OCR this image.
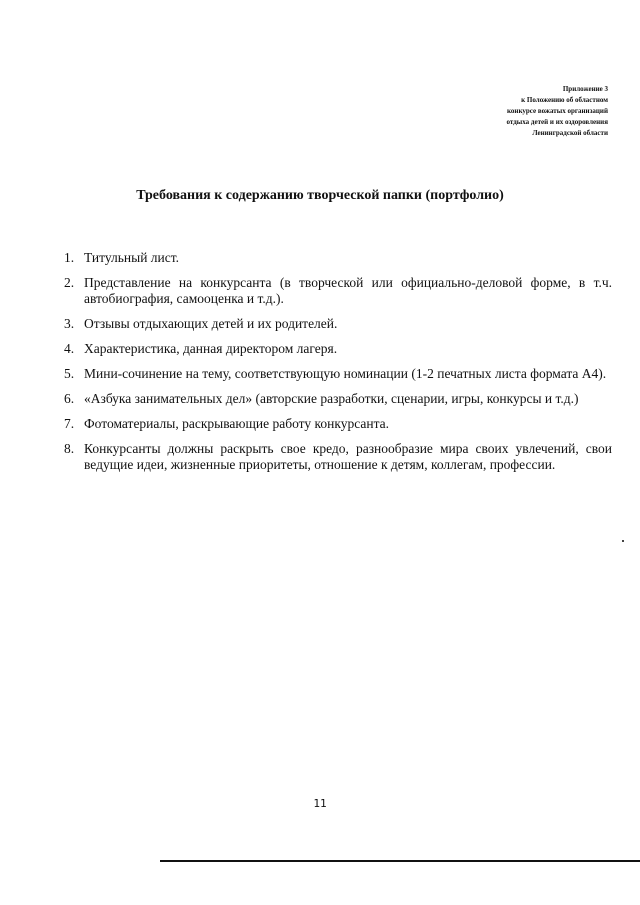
Приложение 3
к Положению об областном
конкурсе вожатых организаций
отдыха детей и их оздоровления
Ленинградской области
Требования к содержанию творческой папки (портфолио)
1. Титульный лист.
2. Представление на конкурсанта (в творческой или официально-деловой форме, в т.ч. автобиография, самооценка и т.д.).
3. Отзывы отдыхающих детей и их родителей.
4. Характеристика, данная директором лагеря.
5. Мини-сочинение на тему, соответствующую номинации (1-2 печатных листа формата А4).
6. «Азбука занимательных дел» (авторские разработки, сценарии, игры, конкурсы и т.д.)
7. Фотоматериалы, раскрывающие работу конкурсанта.
8. Конкурсанты должны раскрыть свое кредо, разнообразие мира своих увлечений, свои ведущие идеи, жизненные приоритеты, отношение к детям, коллегам, профессии.
11
